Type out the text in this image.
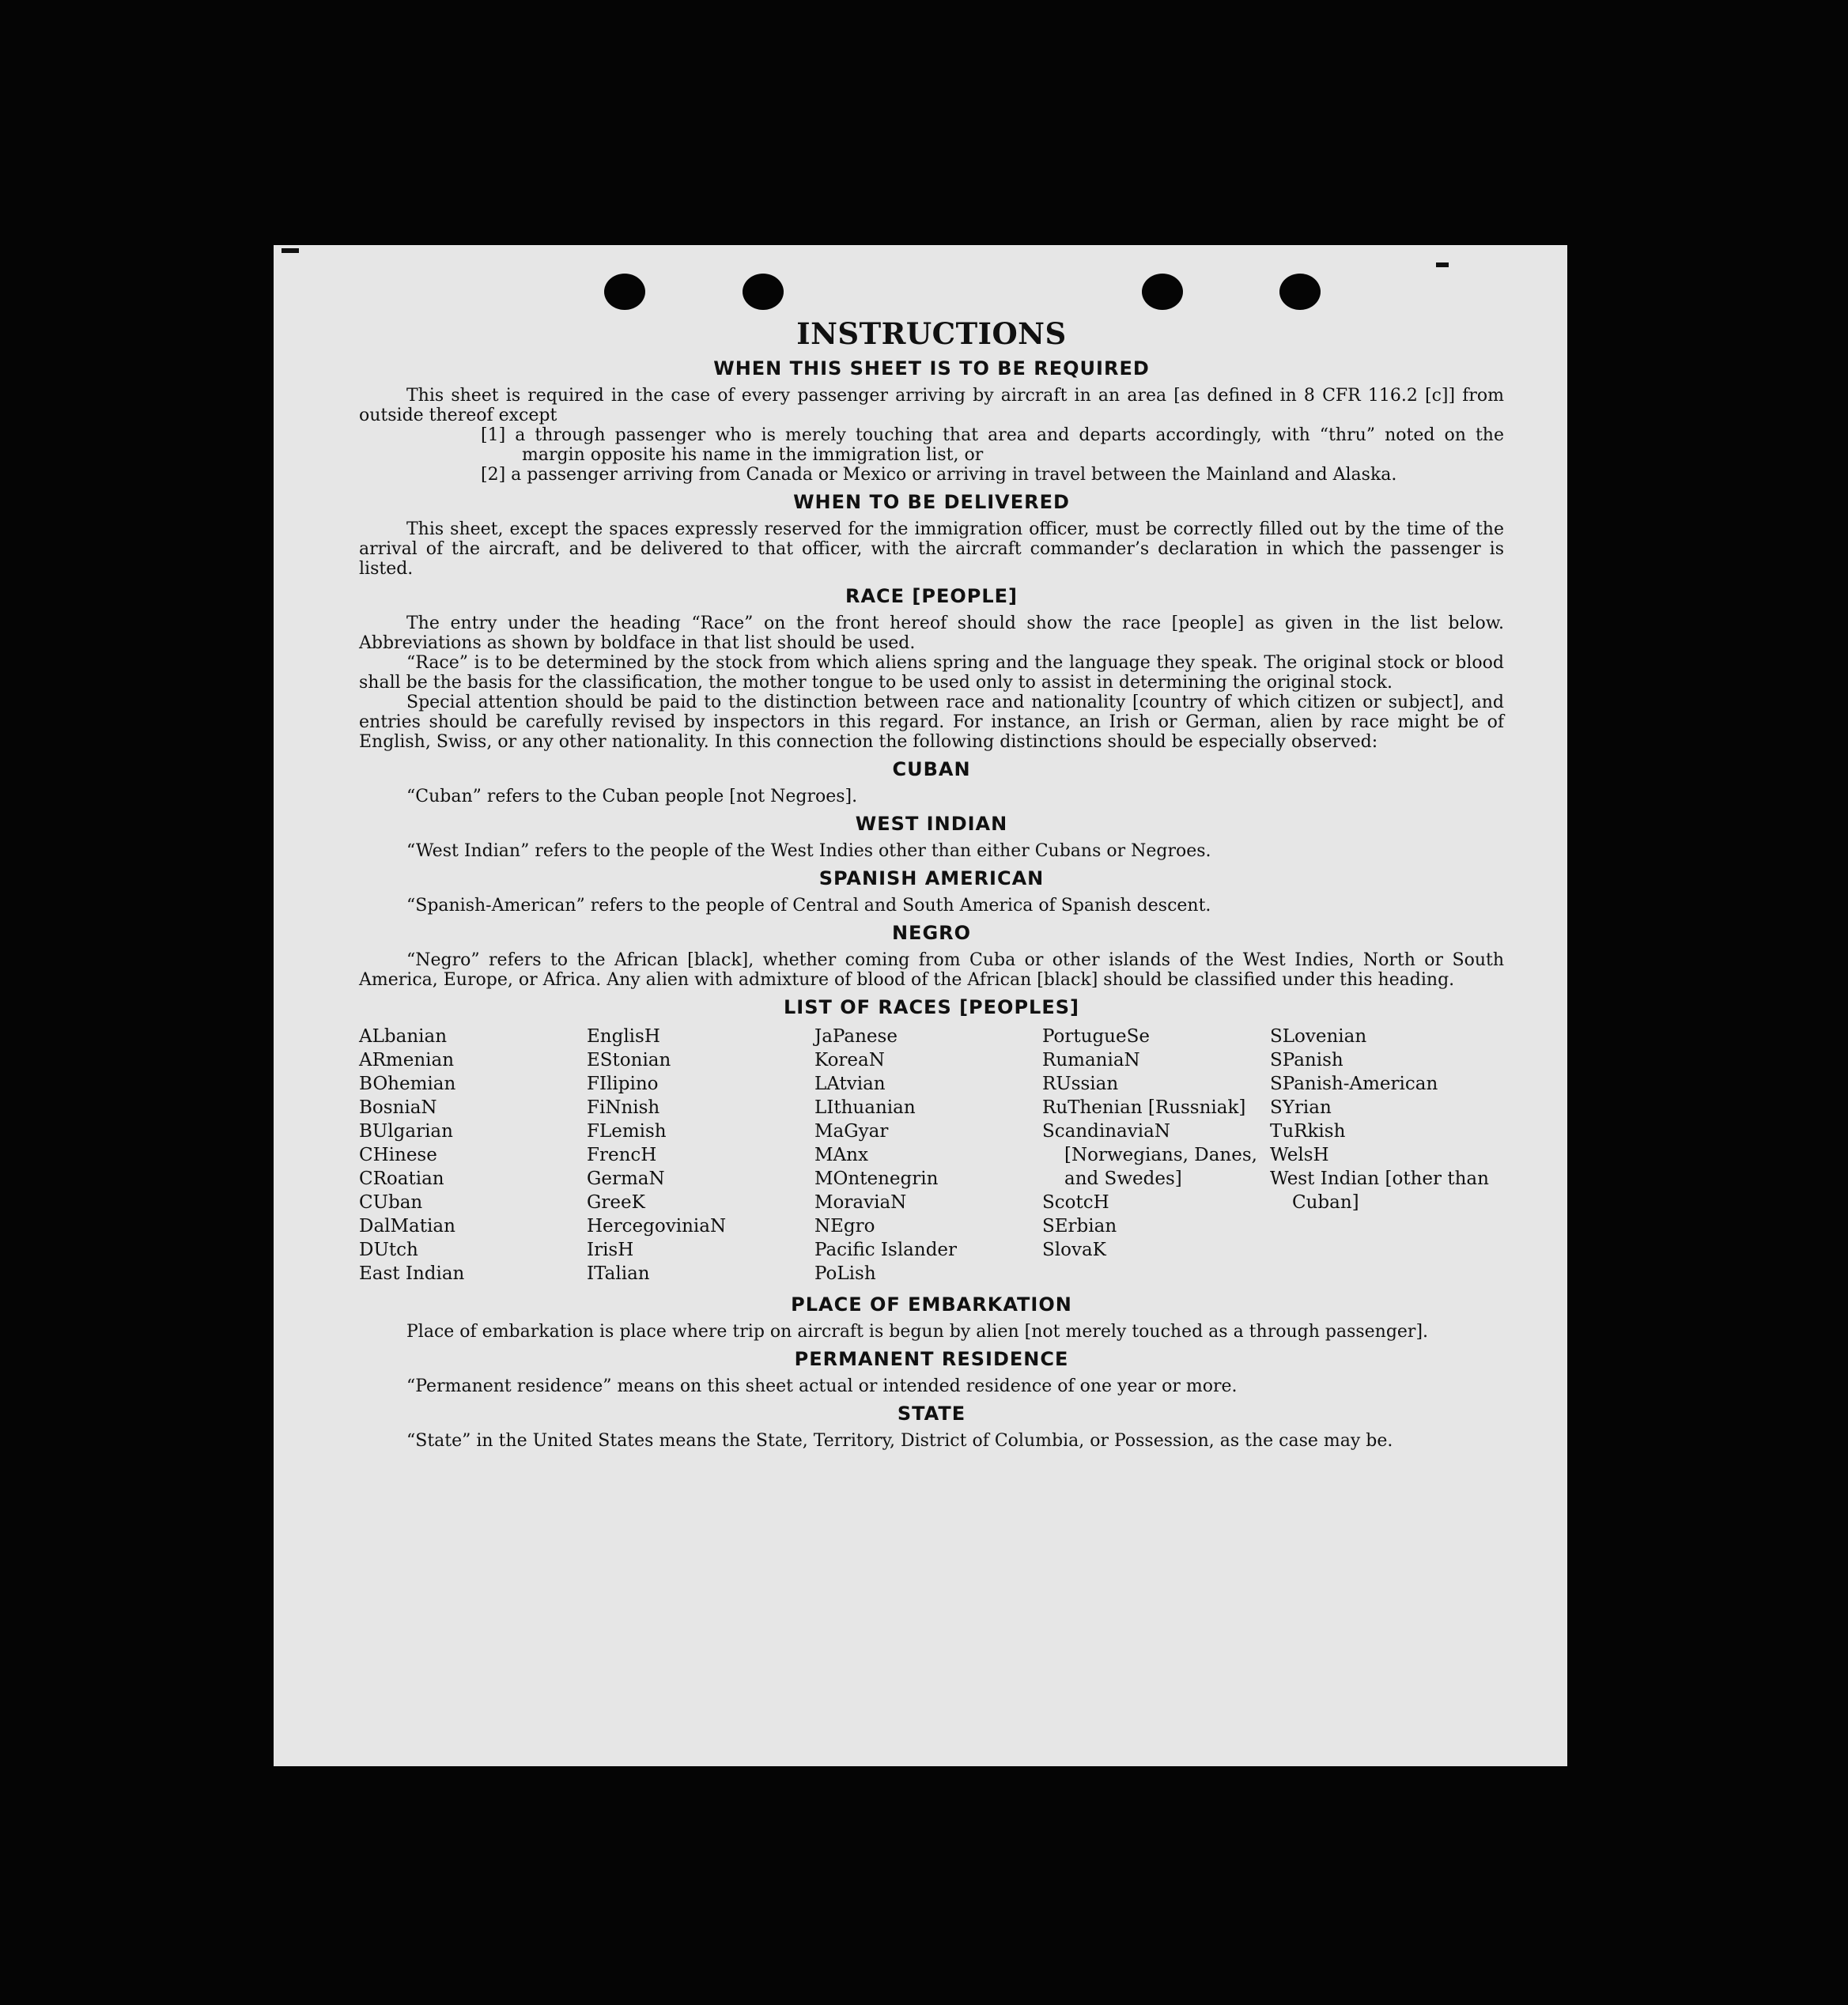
INSTRUCTIONS
WHEN THIS SHEET IS TO BE REQUIRED

This sheet is required in the case of every passenger arriving by aircraft in an area [as defined in 8 CFR 116.2 [c]] from outside thereof except

[1] a through passenger who is merely touching that area and departs accordingly, with “thru” noted on the margin opposite his name in the immigration list, or

[2] a passenger arriving from Canada or Mexico or arriving in travel between the Mainland and Alaska.

WHEN TO BE DELIVERED

This sheet, except the spaces expressly reserved for the immigration officer, must be correctly filled out by the time of the arrival of the aircraft, and be delivered to that officer, with the aircraft commander’s declaration in which the passenger is listed.

RACE [PEOPLE]

The entry under the heading “Race” on the front hereof should show the race [people] as given in the list below. Abbreviations as shown by boldface in that list should be used.

“Race” is to be determined by the stock from which aliens spring and the language they speak. The original stock or blood shall be the basis for the classification, the mother tongue to be used only to assist in determining the original stock.

Special attention should be paid to the distinction between race and nationality [country of which citizen or subject], and entries should be carefully revised by inspectors in this regard. For instance, an Irish or German, alien by race might be of English, Swiss, or any other nationality. In this connection the following distinctions should be especially observed:

CUBAN

“Cuban” refers to the Cuban people [not Negroes].

WEST INDIAN

“West Indian” refers to the people of the West Indies other than either Cubans or Negroes.

SPANISH AMERICAN

“Spanish-American” refers to the people of Central and South America of Spanish descent.

NEGRO

“Negro” refers to the African [black], whether coming from Cuba or other islands of the West Indies, North or South America, Europe, or Africa. Any alien with admixture of blood of the African [black] should be classified under this heading.

LIST OF RACES [PEOPLES]
ALbanian
ARmenian
BOhemian
BosniaN
BUlgarian
CHinese
CRoatian
CUban
DalMatian
DUtch
East Indian
EnglisH
EStonian
FIlipino
FiNnish
FLemish
FrencH
GermaN
GreeK
HercegoviniaN
IrisH
ITalian
JaPanese
KoreaN
LAtvian
LIthuanian
MaGyar
MAnx
MOntenegrin
MoraviaN
NEgro
Pacific Islander
PoLish
PortugueSe
RumaniaN
RUssian
RuThenian [Russniak]
ScandinaviaN [Norwegians, Danes, and Swedes]
ScotcH
SErbian
SlovaK
SLovenian
SPanish
SPanish-American
SYrian
TuRkish
WelsH
West Indian [other than Cuban]
PLACE OF EMBARKATION

Place of embarkation is place where trip on aircraft is begun by alien [not merely touched as a through passenger].

PERMANENT RESIDENCE

“Permanent residence” means on this sheet actual or intended residence of one year or more.

STATE

“State” in the United States means the State, Territory, District of Columbia, or Possession, as the case may be.
